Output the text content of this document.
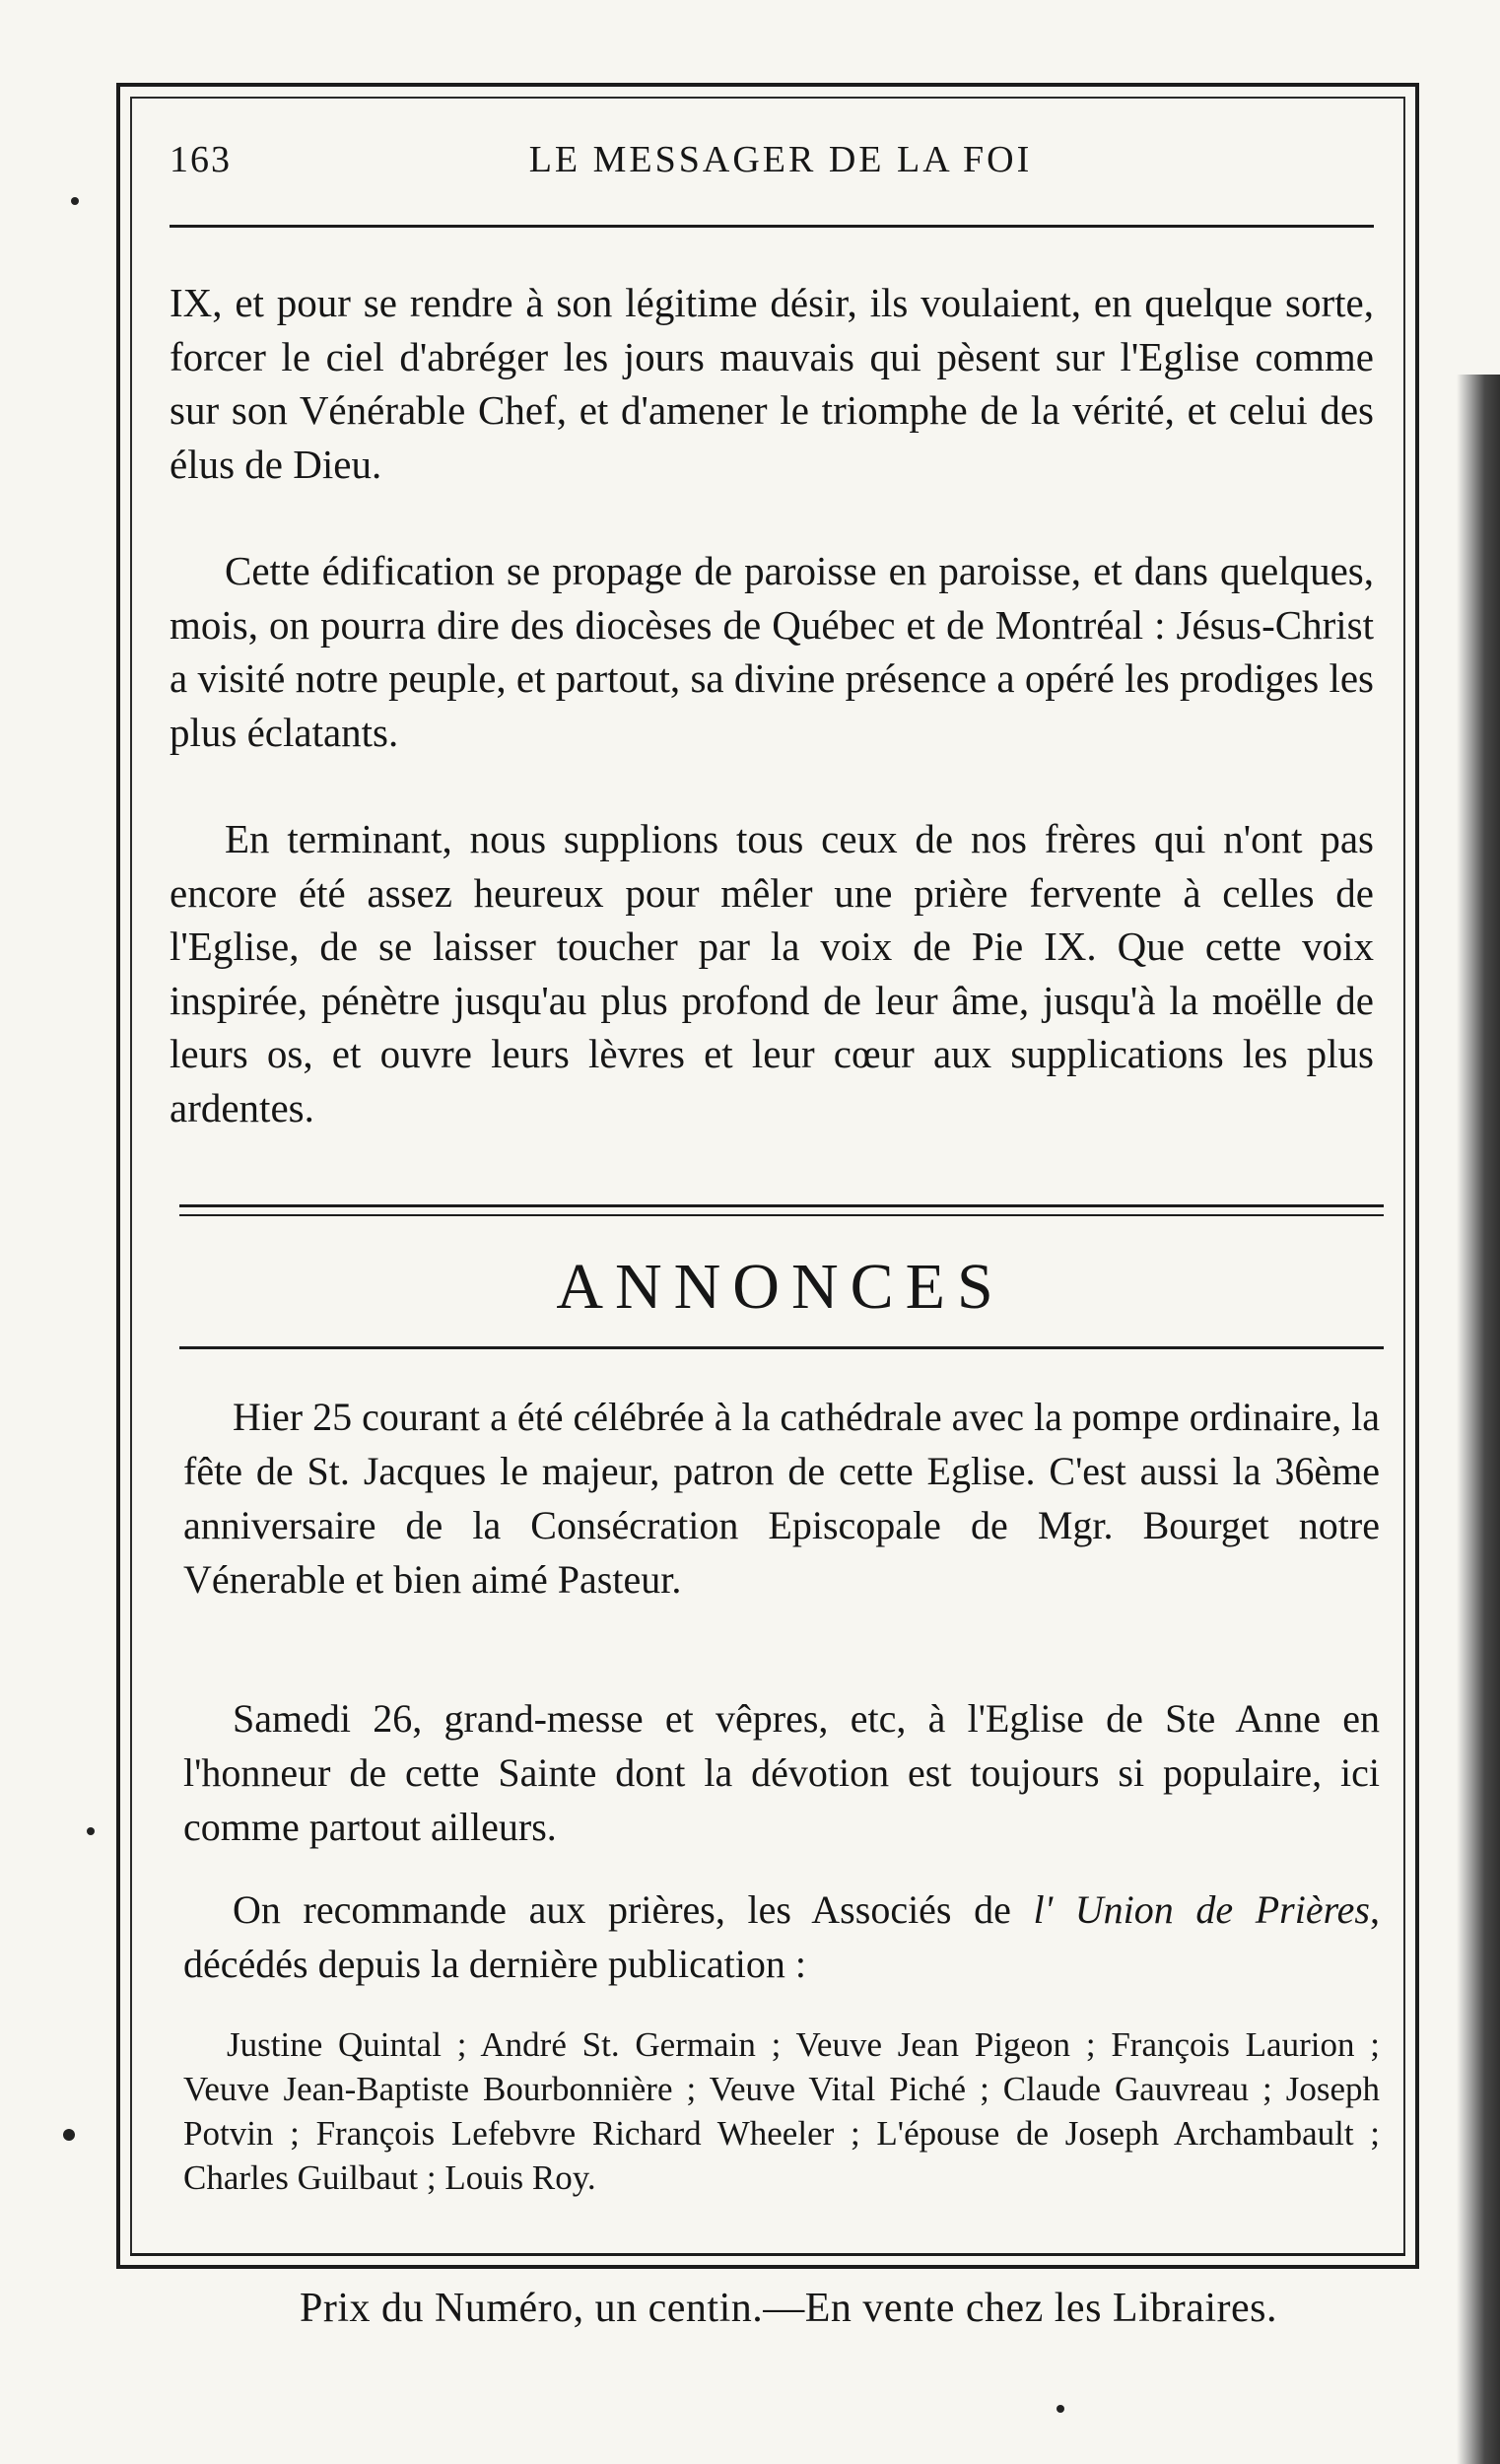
163	LE MESSAGER DE LA FOI

IX, et pour se rendre à son légitime désir, ils voulaient, en quelque sorte, forcer le ciel d'abréger les jours mauvais qui pèsent sur l'Eglise comme sur son Vénérable Chef, et d'amener le triomphe de la vérité, et celui des élus de Dieu.

Cette édification se propage de paroisse en paroisse, et dans quelques, mois, on pourra dire des diocèses de Québec et de Montréal : Jésus-Christ a visité notre peuple, et partout, sa divine présence a opéré les prodiges les plus éclatants.

En terminant, nous supplions tous ceux de nos frères qui n'ont pas encore été assez heureux pour mêler une prière fervente à celles de l'Eglise, de se laisser toucher par la voix de Pie IX. Que cette voix inspirée, pénètre jusqu'au plus profond de leur âme, jusqu'à la moëlle de leurs os, et ouvre leurs lèvres et leur cœur aux supplications les plus ardentes.

ANNONCES

Hier 25 courant a été célébrée à la cathédrale avec la pompe ordinaire, la fête de St. Jacques le majeur, patron de cette Eglise. C'est aussi la 36ème anniversaire de la Consécration Episcopale de Mgr. Bourget notre Vénerable et bien aimé Pasteur.

Samedi 26, grand-messe et vêpres, etc, à l'Eglise de Ste Anne en l'honneur de cette Sainte dont la dévotion est toujours si populaire, ici comme partout ailleurs.

On recommande aux prières, les Associés de l' Union de Prières, décédés depuis la dernière publication :

Justine Quintal ; André St. Germain ; Veuve Jean Pigeon ; François Laurion ; Veuve Jean-Baptiste Bourbonnière ; Veuve Vital Piché ; Claude Gauvreau ; Joseph Potvin ; François Lefebvre Richard Wheeler ; L'épouse de Joseph Archambault ; Charles Guilbaut ; Louis Roy.

Prix du Numéro, un centin.—En vente chez les Libraires.
